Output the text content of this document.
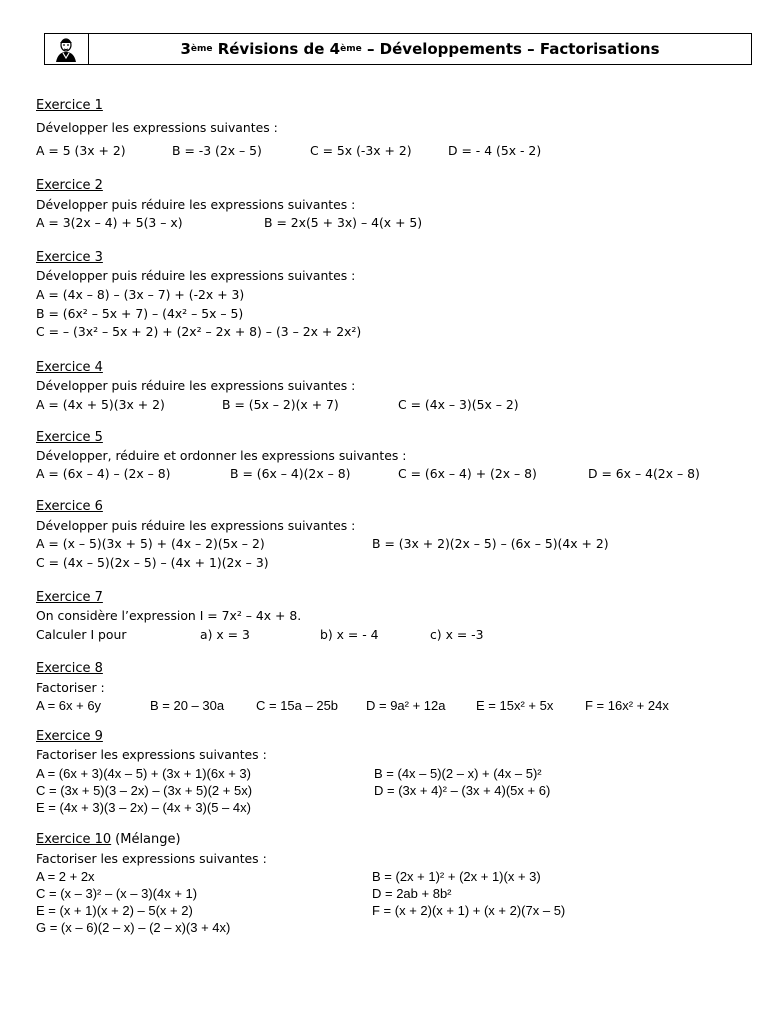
3 ème Révisions de 4 ème – Développements – Factorisations
Exercice 1
Développer les expressions suivantes :
A = 5 (3x + 2)	B = -3 (2x – 5)	C = 5x (-3x + 2)	D = - 4 (5x - 2)
Exercice 2
Développer puis réduire les expressions suivantes :
A = 3(2x – 4) + 5(3 – x)	B = 2x(5 + 3x) – 4(x + 5)
Exercice 3
Développer puis réduire les expressions suivantes :
A = (4x – 8) – (3x – 7) + (-2x + 3)
B = (6x² – 5x + 7) – (4x² – 5x – 5)
C = – (3x² – 5x + 2) + (2x² – 2x + 8) – (3 – 2x + 2x²)
Exercice 4
Développer puis réduire les expressions suivantes :
A = (4x + 5)(3x + 2)	B = (5x – 2)(x + 7)	C = (4x – 3)(5x – 2)
Exercice 5
Développer, réduire et ordonner les expressions suivantes :
A = (6x – 4) – (2x – 8)	B = (6x – 4)(2x – 8)	C = (6x – 4) + (2x – 8)	D = 6x – 4(2x – 8)
Exercice 6
Développer puis réduire les expressions suivantes :
A = (x – 5)(3x + 5) + (4x – 2)(5x – 2)	B = (3x + 2)(2x – 5) – (6x – 5)(4x + 2)
C = (4x – 5)(2x – 5) – (4x + 1)(2x – 3)
Exercice 7
On considère l’expression I = 7x² – 4x + 8.
Calculer I pour	a) x = 3	b) x = - 4	c) x = -3
Exercice 8
Factoriser :
A = 6x + 6y	B = 20 – 30a C = 15a – 25b D = 9a² + 12a E = 15x² + 5x F = 16x² + 24x
Exercice 9
Factoriser les expressions suivantes :
A = (6x + 3)(4x – 5) + (3x + 1)(6x + 3)	B = (4x – 5)(2 – x) + (4x – 5)²
C = (3x + 5)(3 – 2x) – (3x + 5)(2 + 5x)	D = (3x + 4)² – (3x + 4)(5x + 6)
E = (4x + 3)(3 – 2x) – (4x + 3)(5 – 4x)
Exercice 10 (Mélange)
Factoriser les expressions suivantes :
A = 2 + 2x	B = (2x + 1)² + (2x + 1)(x + 3)
C = (x – 3)² – (x – 3)(4x + 1)	D = 2ab + 8b²
E = (x + 1)(x + 2) – 5(x + 2)	F = (x + 2)(x + 1) + (x + 2)(7x – 5)
G = (x – 6)(2 – x) – (2 – x)(3 + 4x)
